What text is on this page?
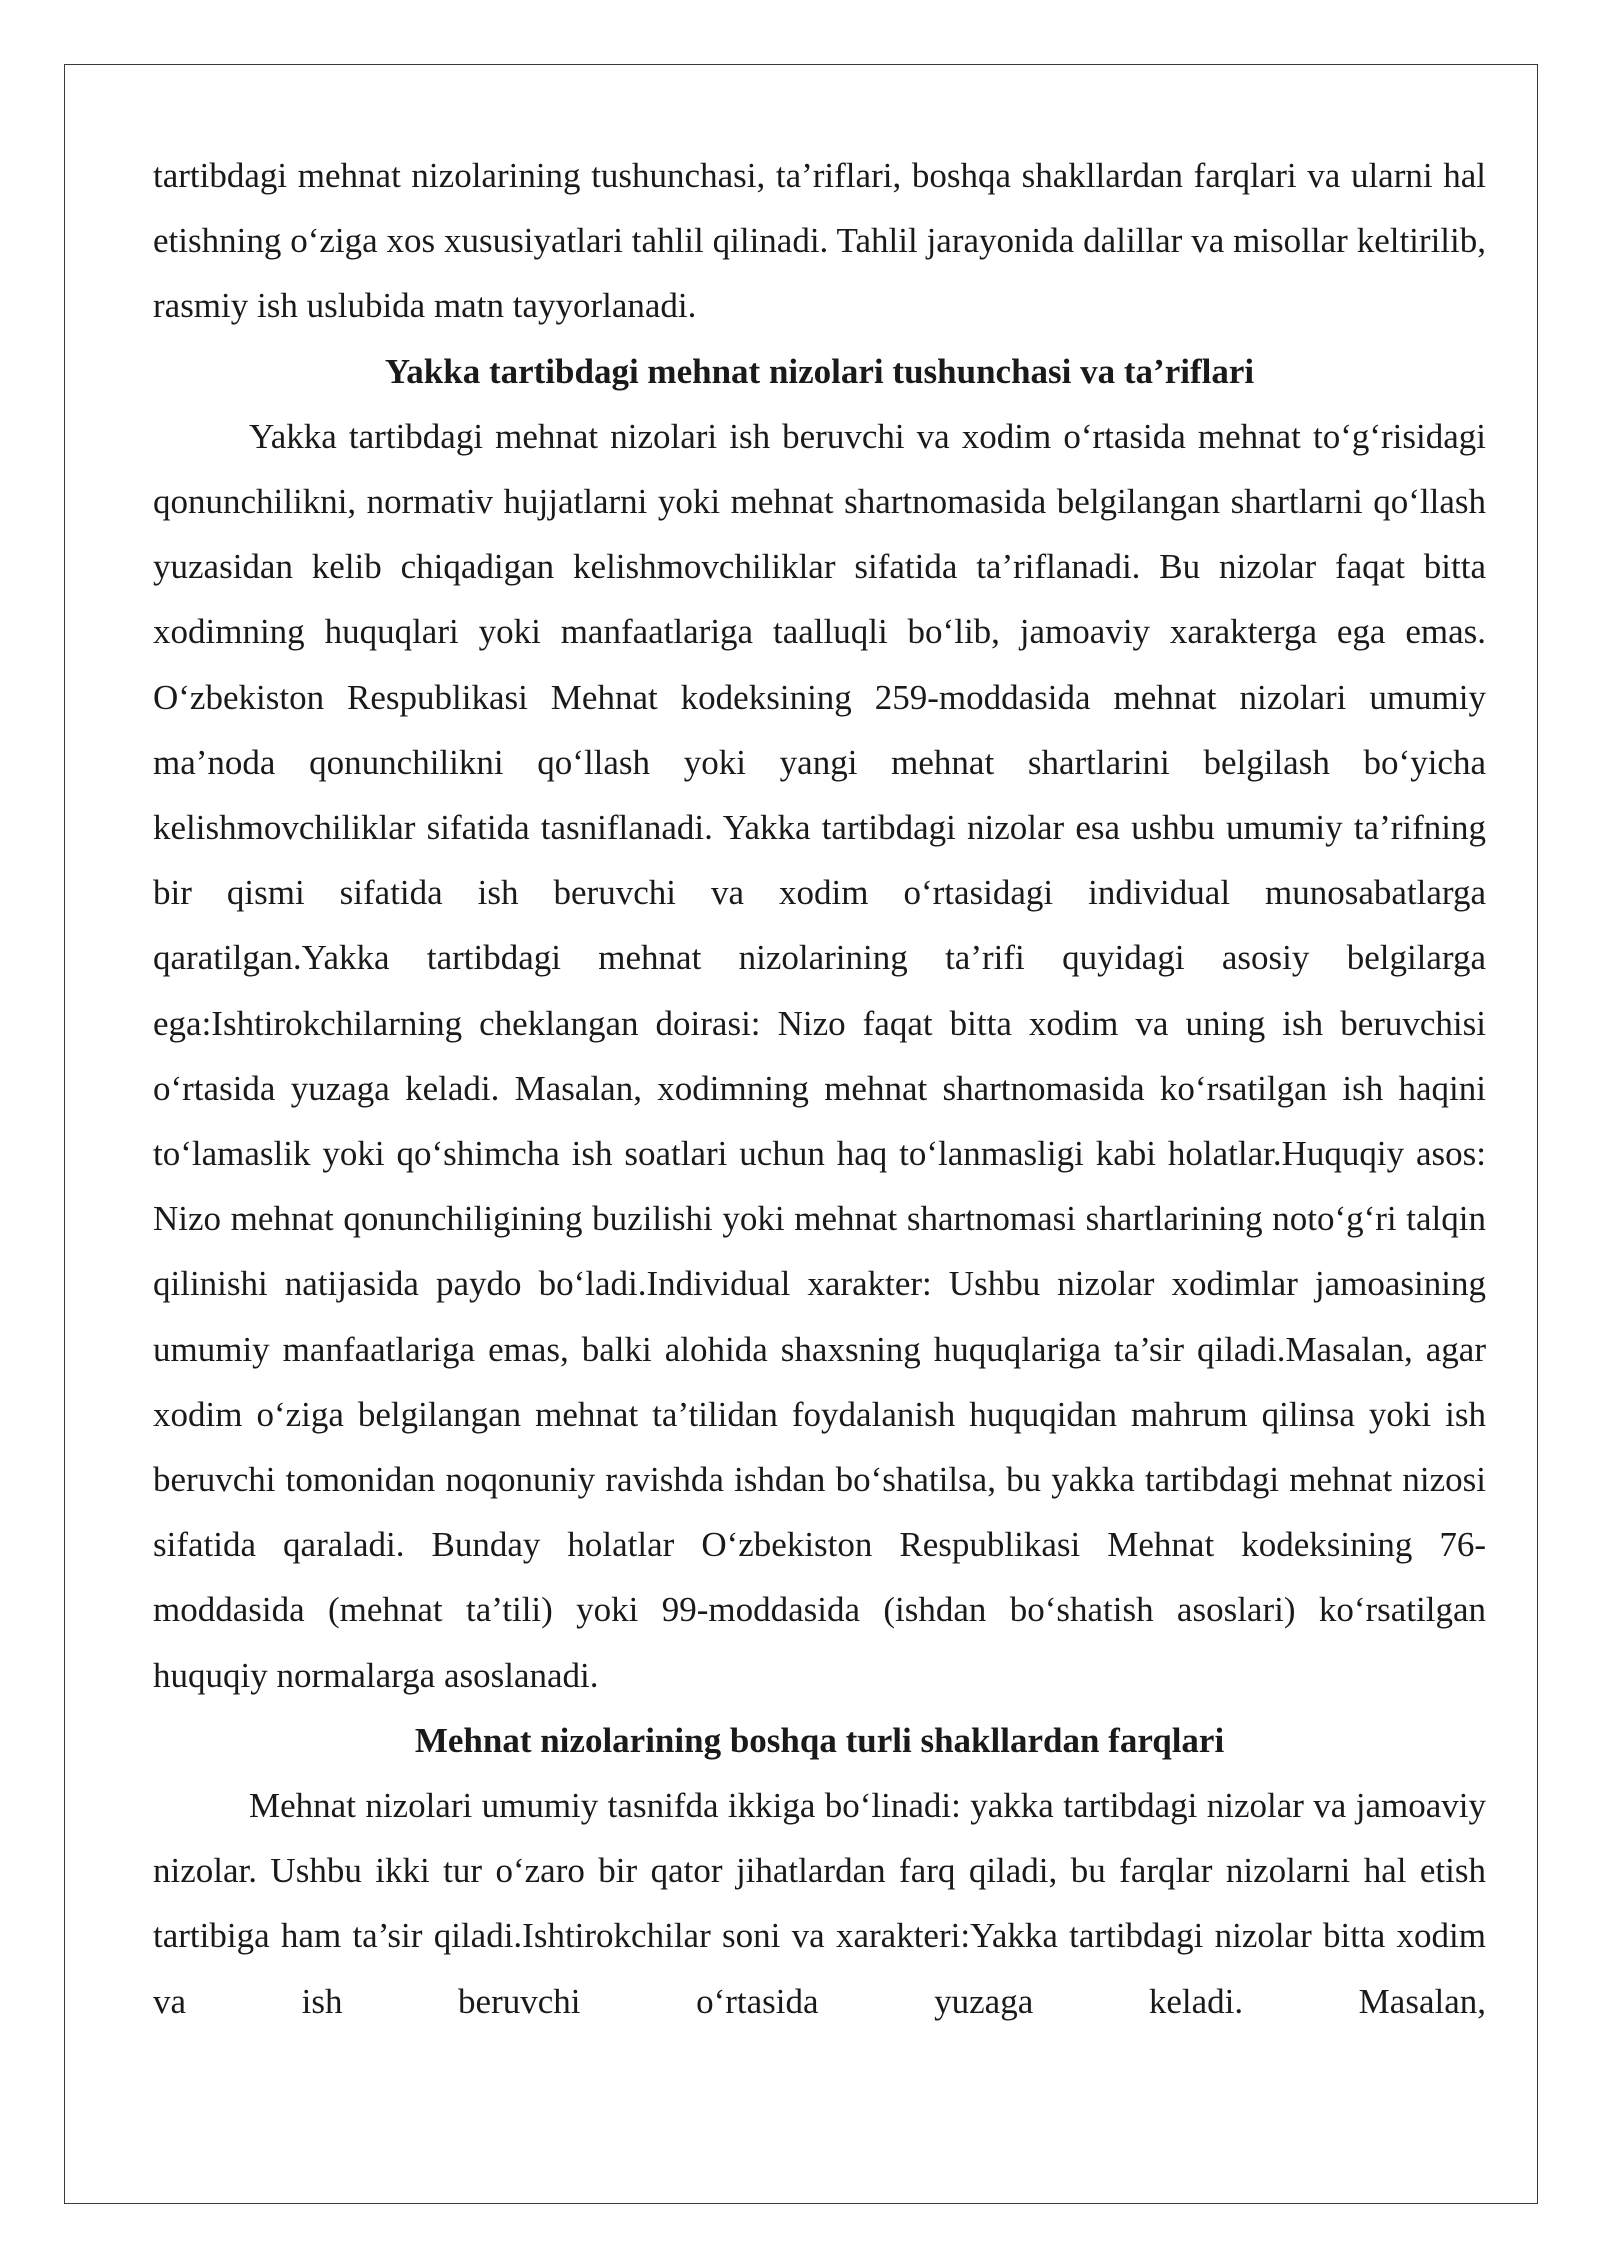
tartibdagi mehnat nizolarining tushunchasi, ta’riflari, boshqa shakllardan farqlari va ularni hal etishning o‘ziga xos xususiyatlari tahlil qilinadi. Tahlil jarayonida dalillar va misollar keltirilib, rasmiy ish uslubida matn tayyorlanadi.

Yakka tartibdagi mehnat nizolari tushunchasi va ta’riflari

Yakka tartibdagi mehnat nizolari ish beruvchi va xodim o‘rtasida mehnat to‘g‘risidagi qonunchilikni, normativ hujjatlarni yoki mehnat shartnomasida belgilangan shartlarni qo‘llash yuzasidan kelib chiqadigan kelishmovchiliklar sifatida ta’riflanadi. Bu nizolar faqat bitta xodimning huquqlari yoki manfaatlariga taalluqli bo‘lib, jamoaviy xarakterga ega emas. O‘zbekiston Respublikasi Mehnat kodeksining 259-moddasida mehnat nizolari umumiy ma’noda qonunchilikni qo‘llash yoki yangi mehnat shartlarini belgilash bo‘yicha kelishmovchiliklar sifatida tasniflanadi. Yakka tartibdagi nizolar esa ushbu umumiy ta’rifning bir qismi sifatida ish beruvchi va xodim o‘rtasidagi individual munosabatlarga qaratilgan.Yakka tartibdagi mehnat nizolarining ta’rifi quyidagi asosiy belgilarga ega:Ishtirokchilarning cheklangan doirasi: Nizo faqat bitta xodim va uning ish beruvchisi o‘rtasida yuzaga keladi. Masalan, xodimning mehnat shartnomasida ko‘rsatilgan ish haqini to‘lamaslik yoki qo‘shimcha ish soatlari uchun haq to‘lanmasligi kabi holatlar.Huquqiy asos: Nizo mehnat qonunchiligining buzilishi yoki mehnat shartnomasi shartlarining noto‘g‘ri talqin qilinishi natijasida paydo bo‘ladi.Individual xarakter: Ushbu nizolar xodimlar jamoasining umumiy manfaatlariga emas, balki alohida shaxsning huquqlariga ta’sir qiladi.Masalan, agar xodim o‘ziga belgilangan mehnat ta’tilidan foydalanish huquqidan mahrum qilinsa yoki ish beruvchi tomonidan noqonuniy ravishda ishdan bo‘shatilsa, bu yakka tartibdagi mehnat nizosi sifatida qaraladi. Bunday holatlar O‘zbekiston Respublikasi Mehnat kodeksining 76-moddasida (mehnat ta’tili) yoki 99-moddasida (ishdan bo‘shatish asoslari) ko‘rsatilgan huquqiy normalarga asoslanadi.

Mehnat nizolarining boshqa turli shakllardan farqlari

Mehnat nizolari umumiy tasnifda ikkiga bo‘linadi: yakka tartibdagi nizolar va jamoaviy nizolar. Ushbu ikki tur o‘zaro bir qator jihatlardan farq qiladi, bu farqlar nizolarni hal etish tartibiga ham ta’sir qiladi.Ishtirokchilar soni va xarakteri:Yakka tartibdagi nizolar bitta xodim va ish beruvchi o‘rtasida yuzaga keladi. Masalan,
